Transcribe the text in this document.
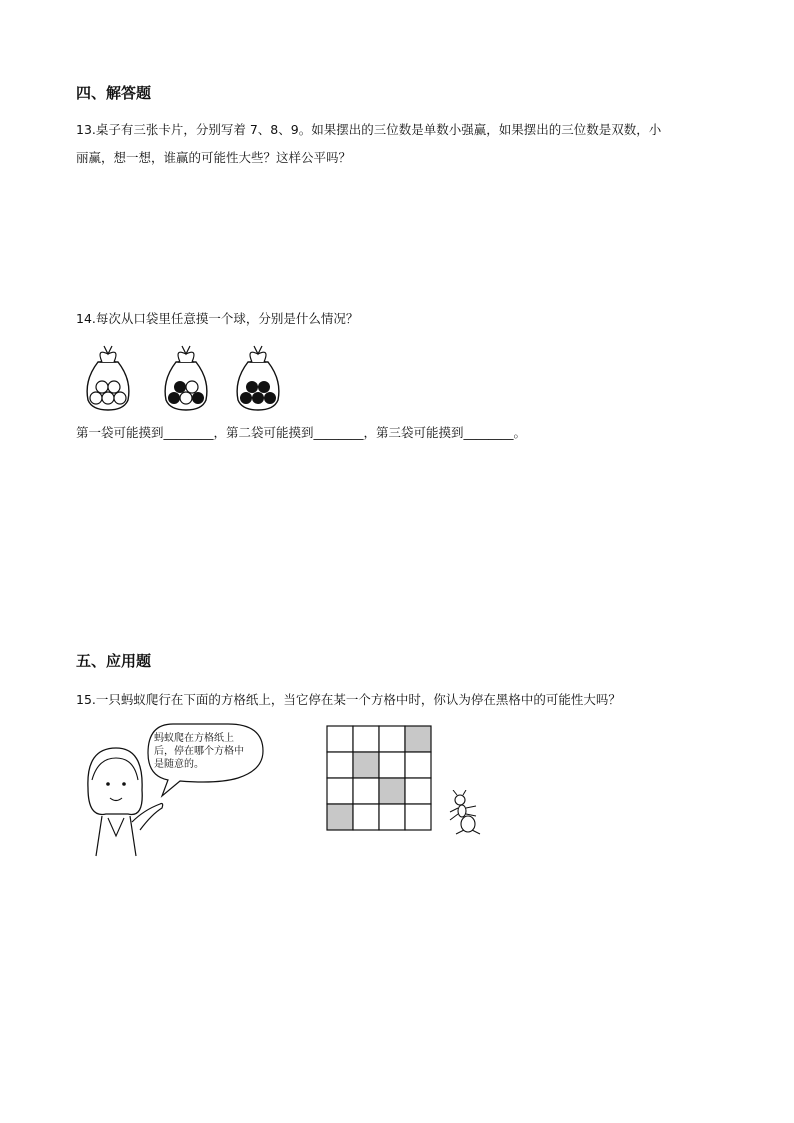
四、解答题

13.桌子有三张卡片，分别写着 7、8、9。如果摆出的三位数是单数小强赢，如果摆出的三位数是双数，小

丽赢，想一想，谁赢的可能性大些？这样公平吗？

14.每次从口袋里任意摸一个球，分别是什么情况？
第一袋可能摸到________，第二袋可能摸到________，第三袋可能摸到________。
五、应用题
15.一只蚂蚁爬行在下面的方格纸上，当它停在某一个方格中时，你认为停在黑格中的可能性大吗？
蚂蚁爬在方格纸上
后，停在哪个方格中
是随意的。
